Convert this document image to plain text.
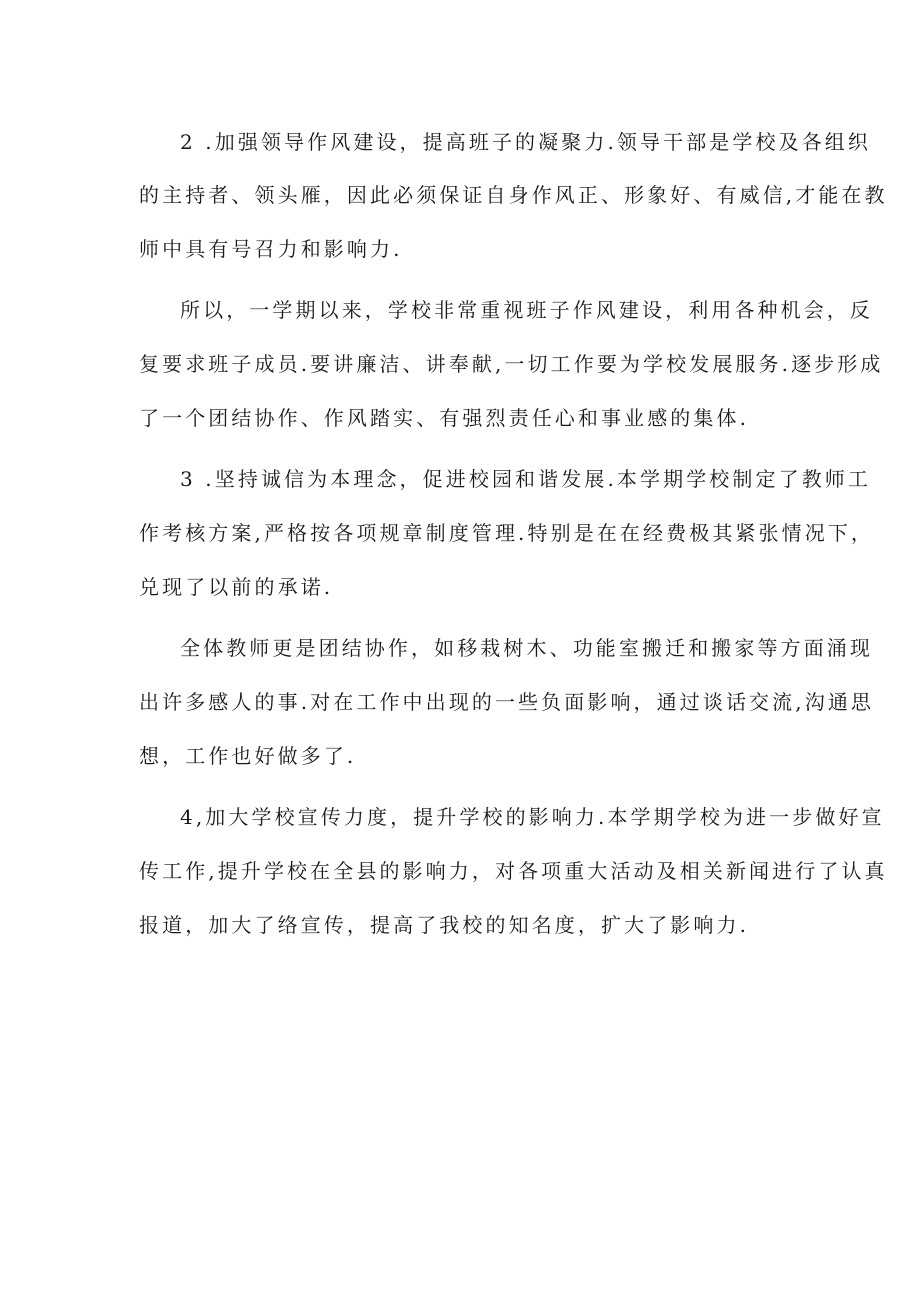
2 .加强领导作风建设，提高班子的凝聚力.领导干部是学校及各组织
的主持者、领头雁，因此必须保证自身作风正、形象好、有威信,才能在教
师中具有号召力和影响力.
所以，一学期以来，学校非常重视班子作风建设，利用各种机会，反
复要求班子成员.要讲廉洁、讲奉献,一切工作要为学校发展服务.逐步形成
了一个团结协作、作风踏实、有强烈责任心和事业感的集体.
3 .坚持诚信为本理念，促进校园和谐发展.本学期学校制定了教师工
作考核方案,严格按各项规章制度管理.特别是在在经费极其紧张情况下，
兑现了以前的承诺.
全体教师更是团结协作，如移栽树木、功能室搬迁和搬家等方面涌现
出许多感人的事.对在工作中出现的一些负面影响，通过谈话交流,沟通思
想，工作也好做多了.
4,加大学校宣传力度，提升学校的影响力.本学期学校为进一步做好宣
传工作,提升学校在全县的影响力，对各项重大活动及相关新闻进行了认真
报道，加大了络宣传，提高了我校的知名度，扩大了影响力.
